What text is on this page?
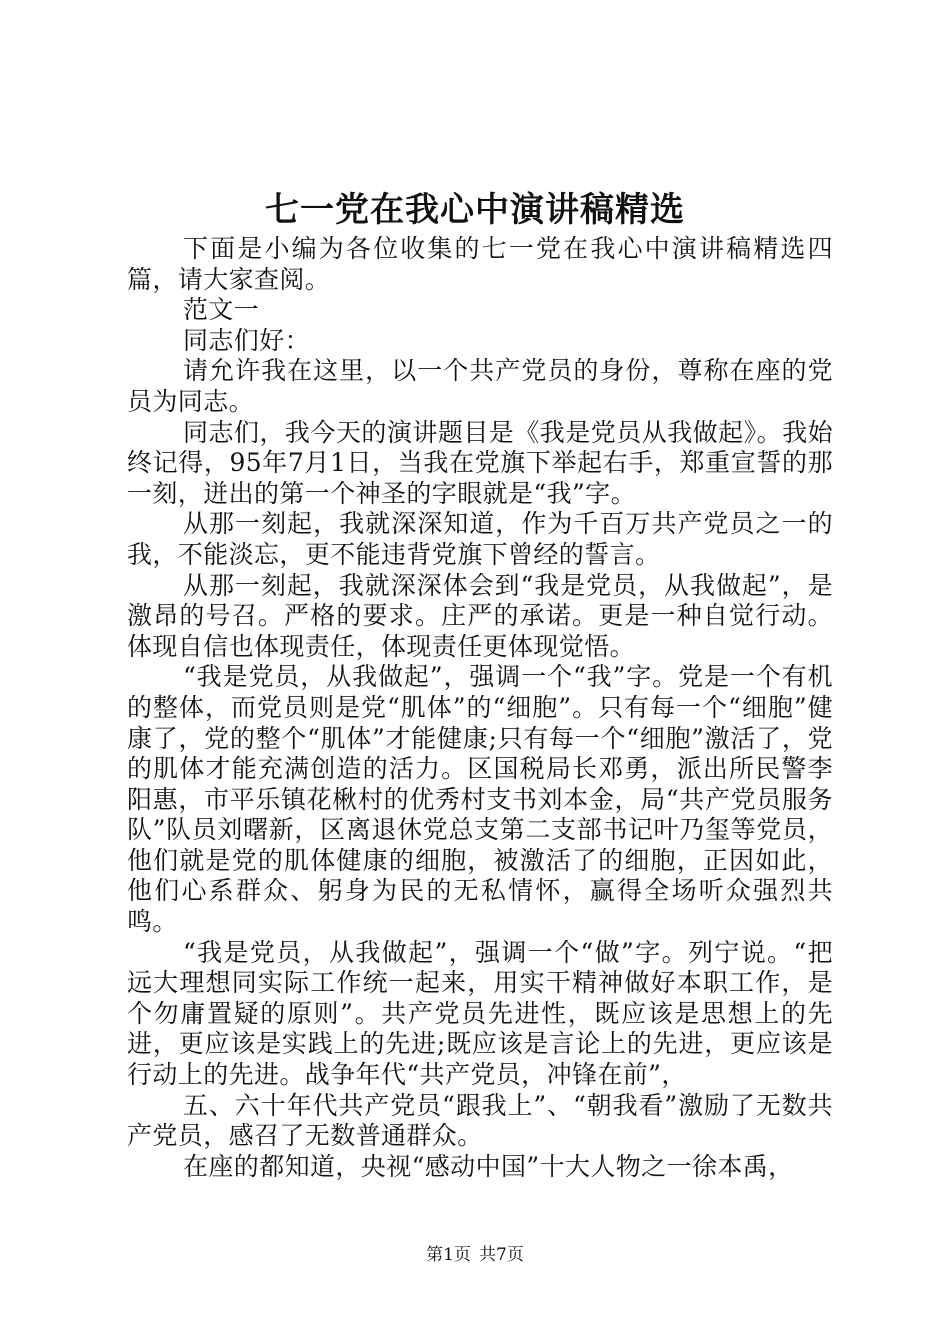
七一党在我心中演讲稿精选

下面是小编为各位收集的七一党在我心中演讲稿精选四篇，请大家查阅。

范文一

同志们好：

请允许我在这里，以一个共产党员的身份，尊称在座的党员为同志。

同志们，我今天的演讲题目是《我是党员从我做起》。我始终记得，95年7月1日，当我在党旗下举起右手，郑重宣誓的那一刻，迸出的第一个神圣的字眼就是“我”字。

从那一刻起，我就深深知道，作为千百万共产党员之一的我，不能淡忘，更不能违背党旗下曾经的誓言。

从那一刻起，我就深深体会到“我是党员，从我做起”，是激昂的号召。严格的要求。庄严的承诺。更是一种自觉行动。体现自信也体现责任，体现责任更体现觉悟。

“我是党员，从我做起”，强调一个“我”字。党是一个有机的整体，而党员则是党“肌体”的“细胞”。只有每一个“细胞”健康了，党的整个“肌体”才能健康;只有每一个“细胞”激活了，党的肌体才能充满创造的活力。区国税局长邓勇，派出所民警李阳惠，市平乐镇花楸村的优秀村支书刘本金，局“共产党员服务队”队员刘曙新，区离退休党总支第二支部书记叶乃玺等党员，他们就是党的肌体健康的细胞，被激活了的细胞，正因如此，他们心系群众、躬身为民的无私情怀，赢得全场听众强烈共鸣。

“我是党员，从我做起”，强调一个“做”字。列宁说。“把远大理想同实际工作统一起来，用实干精神做好本职工作，是个勿庸置疑的原则”。共产党员先进性，既应该是思想上的先进，更应该是实践上的先进;既应该是言论上的先进，更应该是行动上的先进。战争年代“共产党员，冲锋在前”，

五、六十年代共产党员“跟我上”、“朝我看”激励了无数共产党员，感召了无数普通群众。

在座的都知道，央视“感动中国”十大人物之一徐本禹，

第1页 共7页
